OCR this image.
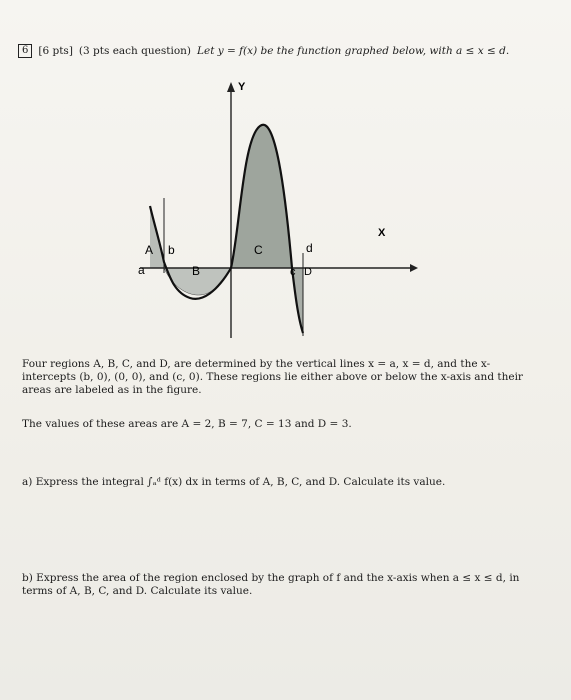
6 [6 pts] (3 pts each question) Let y = f(x) be the function graphed below, with a ≤ x ≤ d.
Y
X
a
A b
B
C	d
c D
Four regions A, B, C, and D, are determined by the vertical lines x = a, x = d, and the x-intercepts (b, 0), (0, 0), and (c, 0). These regions lie either above or below the x-axis and their areas are labeled as in the figure.
The values of these areas are A = 2, B = 7, C = 13 and D = 3.
a) Express the integral ∫ₐᵈ f(x) dx in terms of A, B, C, and D. Calculate its value.
b) Express the area of the region enclosed by the graph of f and the x-axis when a ≤ x ≤ d, in terms of A, B, C, and D. Calculate its value.
